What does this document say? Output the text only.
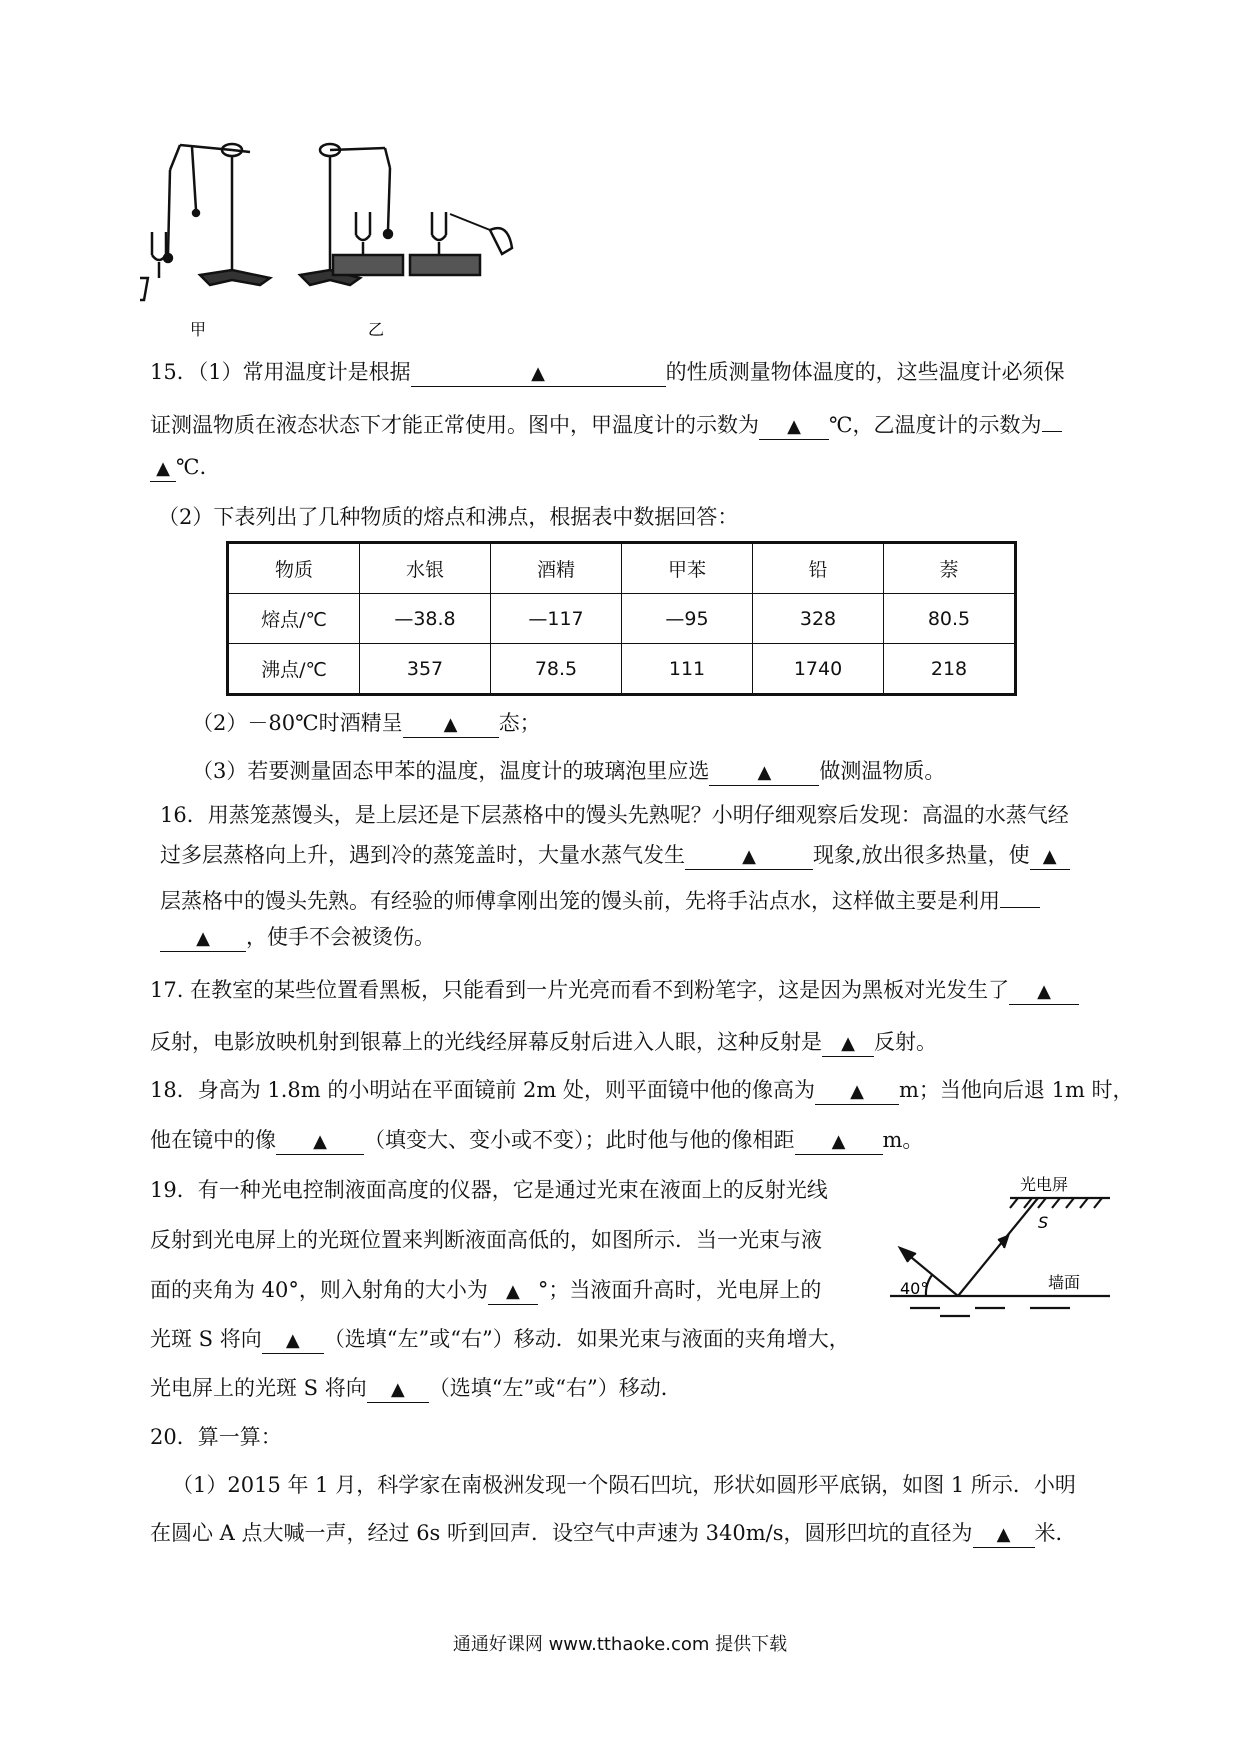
甲	乙
15．（1）常用温度计是根据	▲	的性质测量物体温度的，这些温度计必须保
证测温物质在液态状态下才能正常使用。图中，甲温度计的示数为 ▲ ℃，乙温度计的示数为
▲ ℃.
（2）下表列出了几种物质的熔点和沸点，根据表中数据回答：
物质	水银	酒精	甲苯	铅	萘
熔点/℃	—38.8	—117	—95	328	80.5
沸点/℃	357	78.5	111	1740	218
（2）－80℃时酒精呈 ▲ 态；
（3）若要测量固态甲苯的温度，温度计的玻璃泡里应选	▲ 做测温物质。
16．用蒸笼蒸馒头，是上层还是下层蒸格中的馒头先熟呢？小明仔细观察后发现：高温的水蒸气经
过多层蒸格向上升，遇到冷的蒸笼盖时，大量水蒸气发生	▲	现象,放出很多热量，使 ▲
层蒸格中的馒头先熟。有经验的师傅拿刚出笼的馒头前，先将手沾点水，这样做主要是利用
▲ ，使手不会被烫伤。
17. 在教室的某些位置看黑板，只能看到一片光亮而看不到粉笔字，这是因为黑板对光发生了 ▲
反射，电影放映机射到银幕上的光线经屏幕反射后进入人眼，这种反射是 ▲ 反射。
18．身高为 1.8m 的小明站在平面镜前 2m 处，则平面镜中他的像高为 ▲ m；当他向后退 1m 时，
他在镜中的像 ▲ （填变大、变小或不变）；此时他与他的像相距 ▲ m。
19．有一种光电控制液面高度的仪器，它是通过光束在液面上的反射光线
反射到光电屏上的光斑位置来判断液面高低的，如图所示．当一光束与液
面的夹角为 40°，则入射角的大小为 ▲ °；当液面升高时，光电屏上的
光斑 S 将向 ▲ （选填“左”或“右”）移动．如果光束与液面的夹角增大，
光电屏上的光斑 S 将向 ▲ （选填“左”或“右”）移动．
光电屏
S
40°	墙面
20．算一算：
（1）2015 年 1 月，科学家在南极洲发现一个陨石凹坑，形状如圆形平底锅，如图 1 所示．小明
在圆心 A 点大喊一声，经过 6s 听到回声．设空气中声速为 340m/s，圆形凹坑的直径为 ▲ 米．
通通好课网 www.tthaoke.com 提供下载
